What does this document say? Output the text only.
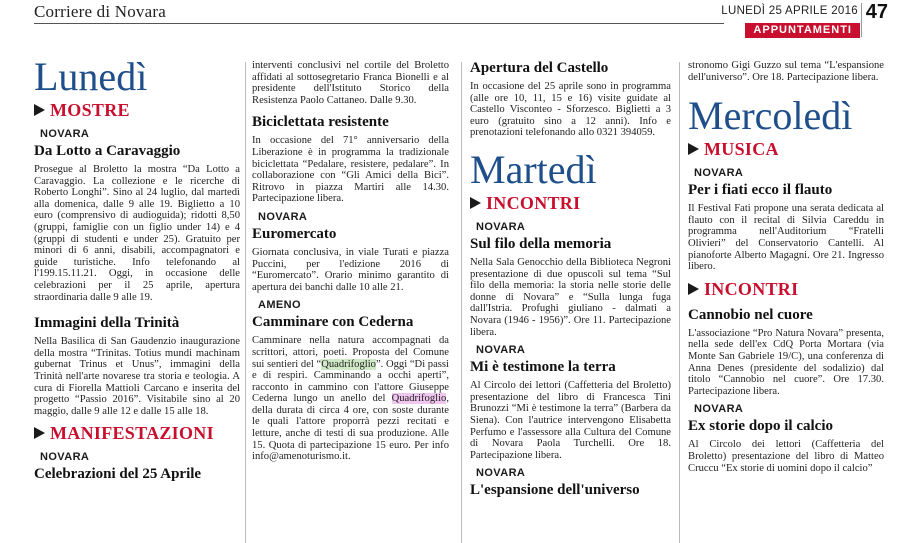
Corriere di Novara	LUNEDÌ 25 APRILE 2016 47
APPUNTAMENTI
Lunedì
MOSTRE
NOVARA
Da Lotto a Caravaggio
Prosegue al Broletto la mostra “Da Lotto a Caravaggio. La collezione e le ricerche di Roberto Longhi”. Sino al 24 luglio, dal martedì alla domenica, dalle 9 alle 19. Biglietto a 10 euro (comprensivo di audioguida); ridotti 8,50 (gruppi, famiglie con un figlio under 14) e 4 (gruppi di studenti e under 25). Gratuito per minori di 6 anni, disabili, accompagnatori e guide turistiche. Info telefonando al l'199.15.11.21. Oggi, in occasione delle celebrazioni per il 25 aprile, apertura straordinaria dalle 9 alle 19.
Immagini della Trinità
Nella Basilica di San Gaudenzio inaugurazione della mostra “Trinitas. Totius mundi machinam gubernat Trinus et Unus”, immagini della Trinità nell'arte novarese tra storia e teologia. A cura di Fiorella Mattioli Carcano e inserita del progetto “Passio 2016”. Visitabile sino al 20 maggio, dalle 9 alle 12 e dalle 15 alle 18.
MANIFESTAZIONI
NOVARA
Celebrazioni del 25 Aprile
interventi conclusivi nel cortile del Broletto affidati al sottosegretario Franca Bionelli e al presidente dell'Istituto Storico della Resistenza Paolo Cattaneo. Dalle 9.30.
Biciclettata resistente
In occasione del 71° anniversario della Liberazione è in programma la tradizionale biciclettata “Pedalare, resistere, pedalare”. In collaborazione con “Gli Amici della Bici”. Ritrovo in piazza Martiri alle 14.30. Partecipazione libera.
NOVARA
Euromercato
Giornata conclusiva, in viale Turati e piazza Puccini, per l'edizione 2016 di “Euromercato”. Orario minimo garantito di apertura dei banchi dalle 10 alle 21.
AMENO
Camminare con Cederna
Camminare nella natura accompagnati da scrittori, attori, poeti. Proposta del Comune sui sentieri del “Quadrifoglio”. Oggi “Di passi e di respiri. Camminando a occhi aperti”, racconto in cammino con l'attore Giuseppe Cederna lungo un anello del Quadrifoglio, della durata di circa 4 ore, con soste durante le quali l'attore proporrà pezzi recitati e letture, anche di testi di sua produzione. Alle 15. Quota di partecipazione 15 euro. Per info info@amenoturismo.it.
Apertura del Castello
In occasione del 25 aprile sono in programma (alle ore 10, 11, 15 e 16) visite guidate al Castello Visconteo - Sforzesco. Biglietti a 3 euro (gratuito sino a 12 anni). Info e prenotazioni telefonando allo 0321 394059.
Martedì
INCONTRI
NOVARA
Sul filo della memoria
Nella Sala Genocchio della Biblioteca Negroni presentazione di due opuscoli sul tema “Sul filo della memoria: la storia nelle storie delle donne di Novara” e “Sulla lunga fuga dall'Istria. Profughi giuliano - dalmati a Novara (1946 - 1956)”. Ore 11. Partecipazione libera.
NOVARA
Mi è testimone la terra
Al Circolo dei lettori (Caffetteria del Broletto) presentazione del libro di Francesca Tini Brunozzi “Mi è testimone la terra” (Barbera da Siena). Con l'autrice intervengono Elisabetta Perfumo e l'assessore alla Cultura del Comune di Novara Paola Turchelli. Ore 18. Partecipazione libera.
NOVARA
L'espansione dell'universo
stronomo Gigi Guzzo sul tema “L'espansione dell'universo”. Ore 18. Partecipazione libera.
Mercoledì
MUSICA
NOVARA
Per i fiati ecco il flauto
Il Festival Fati propone una serata dedicata al flauto con il recital di Silvia Careddu in programma nell'Auditorium “Fratelli Olivieri” del Conservatorio Cantelli. Al pianoforte Alberto Magagni. Ore 21. Ingresso libero.
INCONTRI
Cannobio nel cuore
L'associazione “Pro Natura Novara” presenta, nella sede dell'ex CdQ Porta Mortara (via Monte San Gabriele 19/C), una conferenza di Anna Denes (presidente del sodalizio) dal titolo “Cannobio nel cuore”. Ore 17.30. Partecipazione libera.
NOVARA
Ex storie dopo il calcio
Al Circolo dei lettori (Caffetteria del Broletto) presentazione del libro di Matteo Cruccu “Ex storie di uomini dopo il calcio”
